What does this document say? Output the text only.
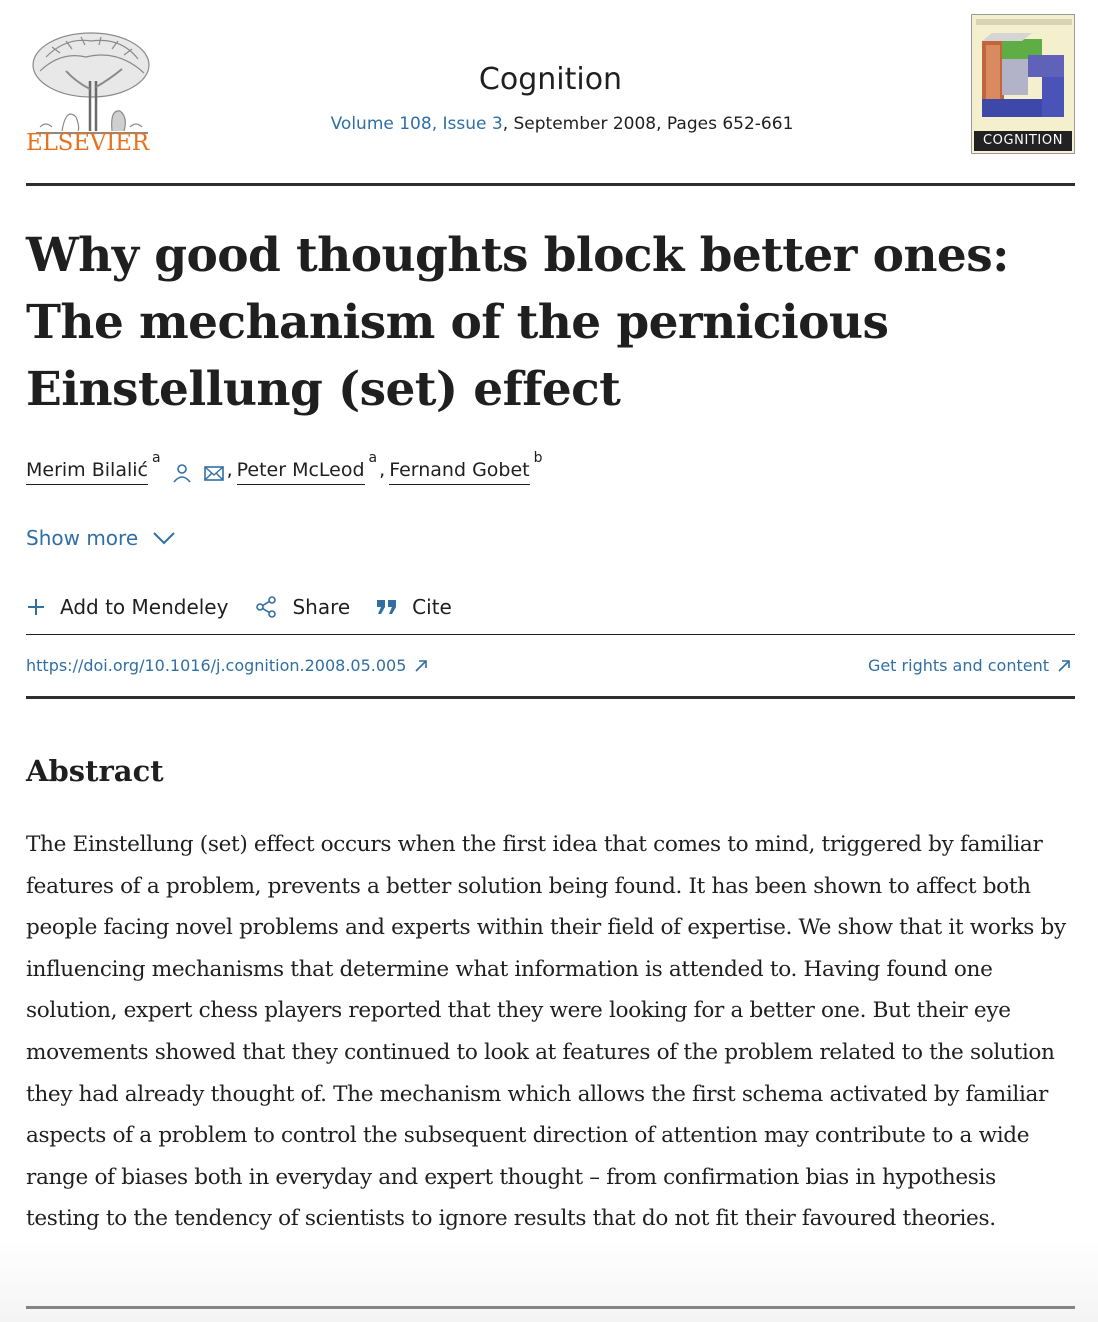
ELSEVIER
Cognition
Volume 108, Issue 3, September 2008, Pages 652-661
COGNITION
Why good thoughts block better ones: The mechanism of the pernicious Einstellung (set) effect
Merim Bilalić
a
, Peter McLeod
a
, Fernand Gobet
b
Show more
Add to Mendeley	Share	Cite
https://doi.org/10.1016/j.cognition.2008.05.005	Get rights and content
Abstract

The Einstellung (set) effect occurs when the first idea that comes to mind, triggered by familiar features of a problem, prevents a better solution being found. It has been shown to affect both people facing novel problems and experts within their field of expertise. We show that it works by influencing mechanisms that determine what information is attended to. Having found one solution, expert chess players reported that they were looking for a better one. But their eye movements showed that they continued to look at features of the problem related to the solution they had already thought of. The mechanism which allows the first schema activated by familiar aspects of a problem to control the subsequent direction of attention may contribute to a wide range of biases both in everyday and expert thought – from confirmation bias in hypothesis testing to the tendency of scientists to ignore results that do not fit their favoured theories.
